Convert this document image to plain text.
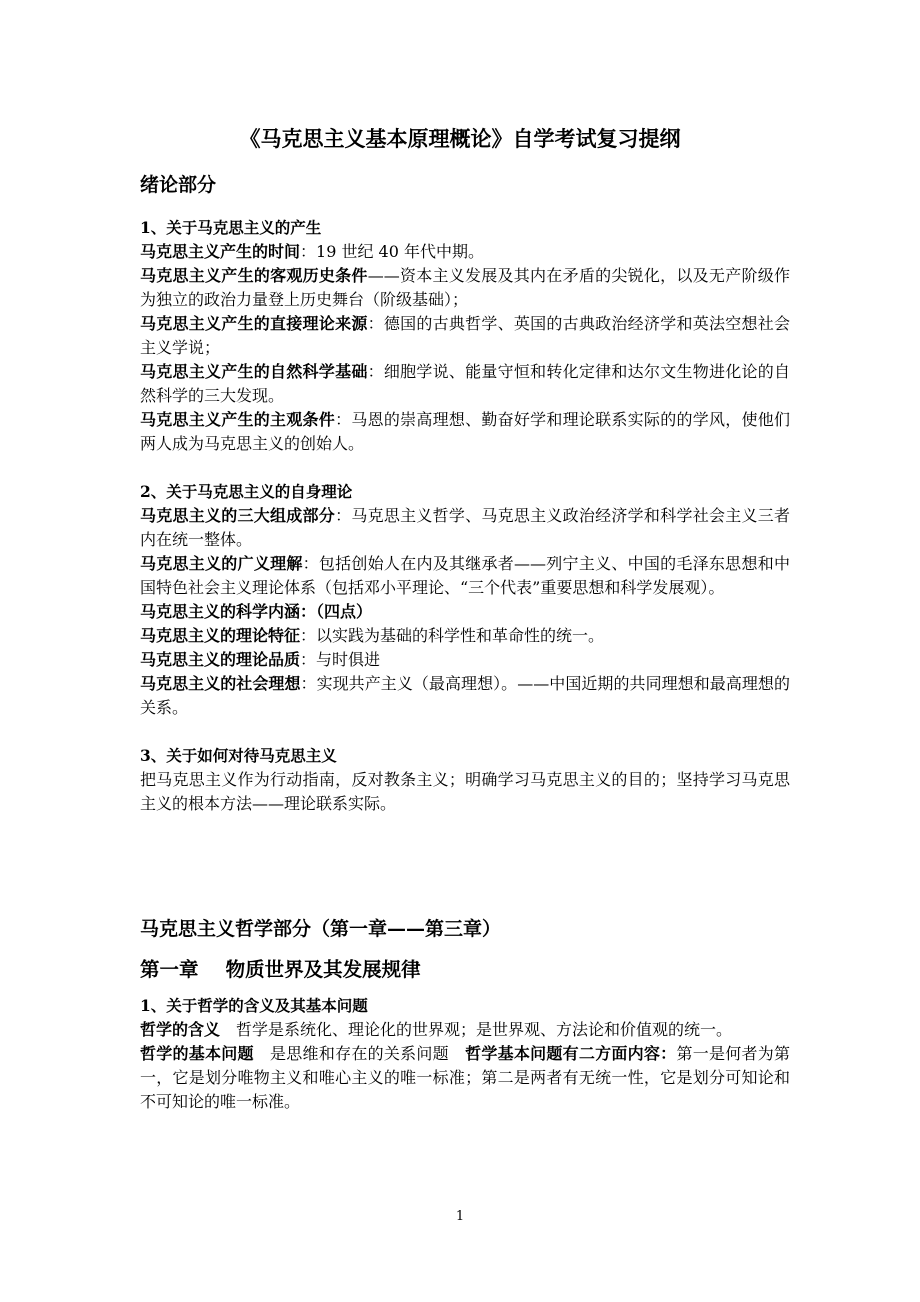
《马克思主义基本原理概论》自学考试复习提纲
绪论部分
1、关于马克思主义的产生
马克思主义产生的时间：19 世纪 40 年代中期。
马克思主义产生的客观历史条件——资本主义发展及其内在矛盾的尖锐化，以及无产阶级作为独立的政治力量登上历史舞台（阶级基础）；
马克思主义产生的直接理论来源：德国的古典哲学、英国的古典政治经济学和英法空想社会主义学说；
马克思主义产生的自然科学基础：细胞学说、能量守恒和转化定律和达尔文生物进化论的自然科学的三大发现。
马克思主义产生的主观条件：马恩的崇高理想、勤奋好学和理论联系实际的的学风，使他们两人成为马克思主义的创始人。
2、关于马克思主义的自身理论
马克思主义的三大组成部分：马克思主义哲学、马克思主义政治经济学和科学社会主义三者内在统一整体。
马克思主义的广义理解：包括创始人在内及其继承者——列宁主义、中国的毛泽东思想和中国特色社会主义理论体系（包括邓小平理论、“三个代表”重要思想和科学发展观）。
马克思主义的科学内涵：（四点）
马克思主义的理论特征：以实践为基础的科学性和革命性的统一。
马克思主义的理论品质：与时俱进
马克思主义的社会理想：实现共产主义（最高理想）。——中国近期的共同理想和最高理想的关系。
3、关于如何对待马克思主义
把马克思主义作为行动指南，反对教条主义；明确学习马克思主义的目的；坚持学习马克思主义的根本方法——理论联系实际。
马克思主义哲学部分（第一章——第三章）
第一章    物质世界及其发展规律
1、关于哲学的含义及其基本问题
哲学的含义　哲学是系统化、理论化的世界观；是世界观、方法论和价值观的统一。
哲学的基本问题　是思维和存在的关系问题　哲学基本问题有二方面内容：第一是何者为第一，它是划分唯物主义和唯心主义的唯一标准；第二是两者有无统一性，它是划分可知论和不可知论的唯一标准。
1
